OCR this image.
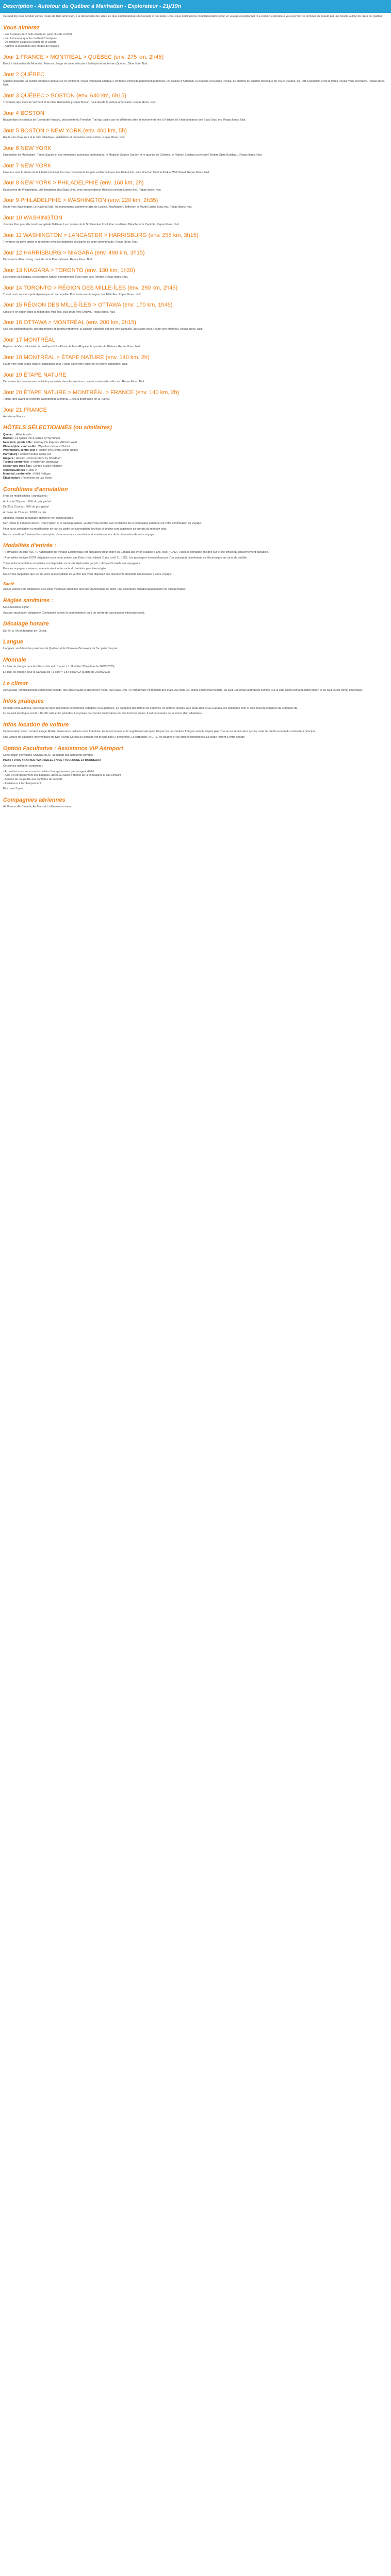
Description - Autotour du Québec à Manhattan - Explorateur - 21j/19n

Ce road trip vous conduit sur les routes de l'Est américain, à la découverte des villes les plus emblématiques du Canada et des États-Unis. Deux destinations complémentaires pour un voyage exceptionnel ! La version Explorateur vous permet de terminer en beauté par une boucle autour du cœur de Québec.

Vous aimerez
- Les 5 étapes de 2 nuits minimum, pour plus de confort
- La pittoresque quartier du Petit-Champlain
- Le croisière jusqu'à la Statue de la Liberté
- Admirer la puissance des chutes du Niagara
Jour 1 FRANCE > MONTRÉAL > QUÉBEC (env. 275 km, 2h45)

Envol à destination de Montréal. Prise en charge de votre véhicule à l'aéroport et route vers Québec. Dîner libre. Nuit.

Jour 2 QUÉBEC

Québec possède un cachet européen unique sur ce continent. Voyez l'imposant Château Frontenac, l'hôtel du parlement québécois, les plaines d'Abraham, la citadelle et la place Royale. Le charme du quartier historique du Vieux-Québec, du Petit-Champlain et de la Place Royale vous envoûtera. Repas libres. Nuit.

Jour 3 QUÉBEC > BOSTON (env. 640 km, 6h15)

Traversée des États du Vermont et du New Hampshire jusqu'à Boston, haut-lieu de la culture américaine. Repas libres. Nuit.

Jour 4 BOSTON

Balade dans le campus de l'université Harvard, découverte du Freedom Trail qui passe par les différents sites et monuments liés à l'histoire de l'indépendance des États-Unis, etc. Repas libres. Nuit.

Jour 5 BOSTON > NEW YORK (env. 400 km, 5h)

Route vers New York et la côte atlantique. Installation et premières découvertes. Repas libres. Nuit.

Jour 6 NEW YORK

Exploration de Manhattan : Times Square et ses immenses panneaux publicitaires, le Madison Square Garden et le quartier de Chelsea, le Flatiron Building ou encore l'Empire State Building... Repas libres. Nuit.

Jour 7 NEW YORK

Croisière vers la statue de la Liberté (incluse), l'un des monuments les plus emblématiques des États-Unis. Puis direction Central Park et Wall Street. Repas libres. Nuit.

Jour 8 NEW YORK > PHILADELPHIE (env. 160 km, 2h)

Découverte de Philadelphie, ville fondatrice des États-Unis, avec Independence Hall et la célèbre Liberty Bell. Repas libres. Nuit.

Jour 9 PHILADELPHIE > WASHINGTON (env. 220 km, 2h35)

Route vers Washington. Le National Mall, les monuments commémoratifs de Lincoln, Washington, Jefferson et Martin Luther King, etc. Repas libres. Nuit.

Jour 10 WASHINGTON

Journée libre pour découvrir la capitale fédérale. Les musées de la Smithsonian Institution, la Maison Blanche et le Capitole. Repas libres. Nuit.

Jour 11 WASHINGTON > LANCASTER > HARRISBURG (env. 255 km, 3h15)

Traversée du pays amish et rencontre avec les traditions séculaires de cette communauté. Repas libres. Nuit.

Jour 12 HARRISBURG > NIAGARA (env. 490 km, 3h15)

Découverte d'Harrisburg, capitale de la Pennsylvanie. Repas libres. Nuit.

Jour 13 NIAGARA > TORONTO (env. 130 km, 1h30)

Les chutes du Niagara, un spectacle naturel exceptionnel. Puis route vers Toronto. Repas libres. Nuit.

Jour 14 TORONTO > RÉGION DES MILLE-ÎLES (env. 290 km, 2h45)

Toronto est une métropole dynamique et cosmopolite. Puis route vers la région des Mille-Îles. Repas libres. Nuit.

Jour 15 RÉGION DES MILLE-ÎLES > OTTAWA (env. 170 km, 1h45)

Croisière en option dans la région des Mille-Îles, puis route vers Ottawa. Repas libres. Nuit.

Jour 16 OTTAWA > MONTRÉAL (env. 200 km, 2h15)

Cité des parlementaires, des diplomates et du gouvernement, la capitale nationale est une ville tranquille, au culture pour. Route vers Montréal. Repas libres. Nuit.

Jour 17 MONTRÉAL

Explorez le Vieux-Montréal, la basilique Notre-Dame, le Mont-Royal et le quartier du Plateau. Repas libres. Nuit.

Jour 18 MONTRÉAL > ÉTAPE NATURE (env. 140 km, 2h)

Route vers votre étape nature. Installation pour 2 nuits dans votre auberge en pleine campagne. Nuit.

Jour 19 ÉTAPE NATURE

Découvrez les nombreuses activités proposées dans les alentours : canot, randonnée, vélo, etc. Repas libres. Nuit.

Jour 20 ÉTAPE NATURE > MONTRÉAL > FRANCE (env. 140 km, 2h)

Temps libre avant de rejoindre l'aéroport de Montréal. Envol à destination de la France.

Jour 21 FRANCE

Arrivée en France.

HÔTELS SÉLECTIONNÉS (ou similaires)
Québec : Hôtel Acadia
Boston : La Quinta Inn & Suites by Wyndham
New York, pointe ville : Holiday Inn Express Midtown West
Philadelphie, centre-ville : Wyndham Historic District
Washington, centre-ville : Holiday Inn Central White House
Harrisburg : Comfort Suites Camp Hill
Niagara : Howard Johnson Plaza by Wyndham
Toronto centre-ville : Holiday Inn downtown
Région des Mille-Îles : Confort Suites Kingston
Ottawa/Gatineau : Hôtel V
Montréal, centre-ville : Hôtel Nelligan
Étape nature : Pourvoirie du Lac Blanc
Conditions d'annulation

Frais de modifications / annulations :

À plus de 30 jours : 10% du prix global

De 30 à 15 jours : 50% du prix global

À moins de 15 jours : 100% du prix

Attention, hôpital de bagage optionnel non remboursable.

Non inclus le transport aérien. Pour l'option et le package aérien, veuillez vous référer aux conditions de la compagnie aérienne sur votre confirmation de voyage.

Pour toute annulation ou modification de tout ou partie de la prestation, les frais ci-dessus sont appliqués au prorata du montant total.

Nous conseillons fortement la souscription d'une assurance annulation et assistance lors de la réservation de votre voyage.

Modalités d'entrée :

- Formalités en ligne AVE : L'Autorisation de Voyage Électronique est obligatoire pour entrer au Canada par avion (valable 5 ans, coût 7 CAD). Faites la demande en ligne sur le site officiel du gouvernement canadien.

- Formalités en ligne ESTA obligatoire pour toute arrivée aux États-Unis, valable 2 ans (coût 21 USD). Les passagers doivent disposer d'un passeport biométrique ou électronique en cours de validité.

Toute la documentation actualisée est disponible sur le site diplomatie.gouv.fr, rubrique Conseils aux voyageurs.

Pour les voyageurs mineurs, une autorisation de sortie du territoire peut être exigée.

Nous vous rappelons qu'il est de votre responsabilité de vérifier que vous disposez des documents d'identité nécessaires à votre voyage.

Santé

Aucun vaccin n'est obligatoire. Les soins médicaux étant très onéreux en Amérique du Nord, une assurance maladie/rapatriement est indispensable.

Règles sanitaires :

Nous facilitons à jour.

Aucune vaccination obligatoire (Demandez conseil à votre médecin ou à un centre de vaccinations internationales).

Décalage horaire

De -6h à -9h en fonction de l'Ouest.

Langue

L'anglais, seul dans les provinces de Québec et du Nouveau-Brunswick où l'on parle français.

Monnaie

La taux de change pour les États-Unis est : 1 euro = 1,11 dollar US (à date de 26/05/2025)

Le taux de change pour le Canada est : 1 euro = 1,54 dollar CA (à date de 26/05/2025)

Le climat

Au Canada : principalement continental humide, des étés chauds et des hivers froids. Aux États-Unis : le climat varie en fonction des états. Au Nord-Est, climat continental humide, au Sud-Est climat subtropical humide, sur la côte Ouest climat méditerranéen et au Sud-Ouest climat désertique.

Infos pratiques

Pendant votre autotour, vous logerez dans des hôtels de première catégorie ou supérieure. La catégorie des hôtels est exprimée en normes locales. Aux États-Unis et au Canada, les chambres sont le plus souvent équipées de 2 grands lits.

Le courant électrique est de 110/115 volts et 60 périodes. Les prises de courant américaines ont des broches plates. Il est nécessaire de se munir d'un adaptateur.

Infos location de voiture

Cette location inclut : le kilométrage illimité, l'assurance collision avec franchise, les taxes locales et le supplément aéroport. Un permis de conduire français valable depuis plus d'un an est requis ainsi qu'une carte de crédit au nom du conducteur principal.

Une voiture de catégorie Intermédiaire de type Toyota Corolla ou similaire est prévue pour 2 personnes. Le carburant, le GPS, les péages et les options demandées sur place restent à votre charge.

Option Facultative : Assistance VIP Aéroport

Cette option est valable UNIQUEMENT au départ des aéroports suivants :

PARIS / LYON / NANTES / MARSEILLE / NICE / TOULOUSE ET BORDEAUX

Ce service optionnel comprend :

- Accueil et assistance aux formalités d'enregistrement par un agent dédié
- Aide à l'enregistrement des bagages, accès au salon d'attente de la compagnie le cas échéant
- Service de coupe-file aux contrôles de sécurité
- Assistance à l'embarquement

Prix base 2 pers.

Compagnies aériennes

Air France, Air Canada, Air Transat, Lufthansa ou autre...
